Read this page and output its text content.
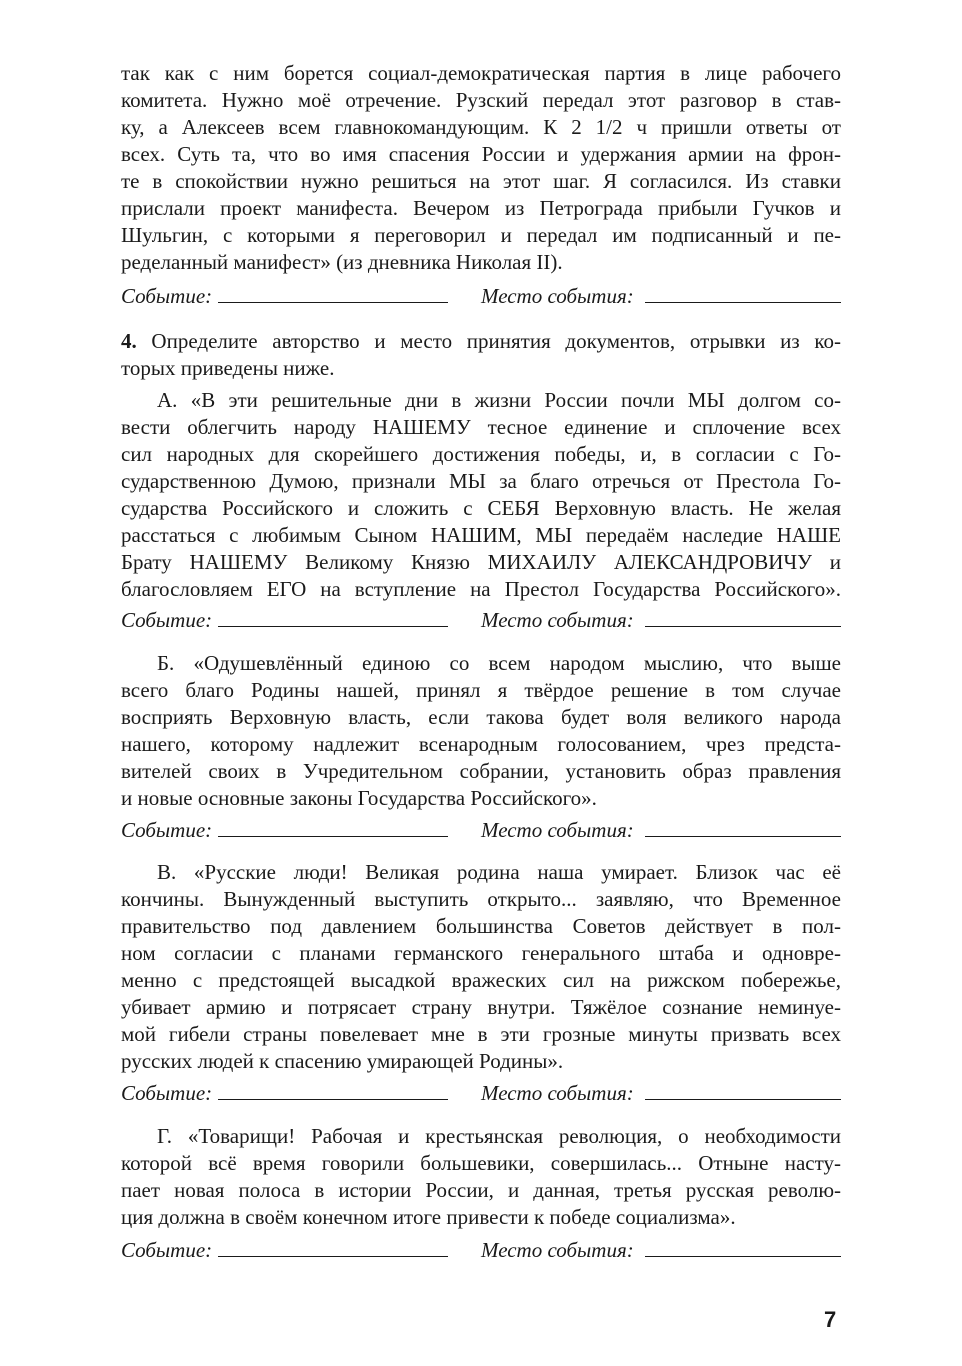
так как с ним борется социал-демократическая партия в лице рабочего
комитета. Нужно моё отречение. Рузский передал этот разговор в став-
ку, а Алексеев всем главнокомандующим. К 2 1/2 ч пришли ответы от
всех. Суть та, что во имя спасения России и удержания армии на фрон-
те в спокойствии нужно решиться на этот шаг. Я согласился. Из ставки
прислали проект манифеста. Вечером из Петрограда прибыли Гучков и
Шульгин, с которыми я переговорил и передал им подписанный и пе-
ределанный манифест» (из дневника Николая II).
Событие:	Место события:
4. Определите авторство и место принятия документов, отрывки из ко-
торых приведены ниже.
А. «В эти решительные дни в жизни России почли МЫ долгом со-
вести облегчить народу НАШЕМУ тесное единение и сплочение всех
сил народных для скорейшего достижения победы, и, в согласии с Го-
сударственною Думою, признали МЫ за благо отречься от Престола Го-
сударства Российского и сложить с СЕБЯ Верховную власть. Не желая
расстаться с любимым Сыном НАШИМ, МЫ передаём наследие НАШЕ
Брату НАШЕМУ Великому Князю МИХАИЛУ АЛЕКСАНДРОВИЧУ и
благословляем ЕГО на вступление на Престол Государства Российского».
Событие:	Место события:
Б. «Одушевлённый единою со всем народом мыслию, что выше
всего благо Родины нашей, принял я твёрдое решение в том случае
восприять Верховную власть, если такова будет воля великого народа
нашего, которому надлежит всенародным голосованием, чрез предста-
вителей своих в Учредительном собрании, установить образ правления
и новые основные законы Государства Российского».
Событие:	Место события:
В. «Русские люди! Великая родина наша умирает. Близок час её
кончины. Вынужденный выступить открыто... заявляю, что Временное
правительство под давлением большинства Советов действует в пол-
ном согласии с планами германского генерального штаба и одновре-
менно с предстоящей высадкой вражеских сил на рижском побережье,
убивает армию и потрясает страну внутри. Тяжёлое сознание неминуе-
мой гибели страны повелевает мне в эти грозные минуты призвать всех
русских людей к спасению умирающей Родины».
Событие:	Место события:
Г. «Товарищи! Рабочая и крестьянская революция, о необходимости
которой всё время говорили большевики, совершилась... Отныне насту-
пает новая полоса в истории России, и данная, третья русская револю-
ция должна в своём конечном итоге привести к победе социализма».
Событие:	Место события:
7
